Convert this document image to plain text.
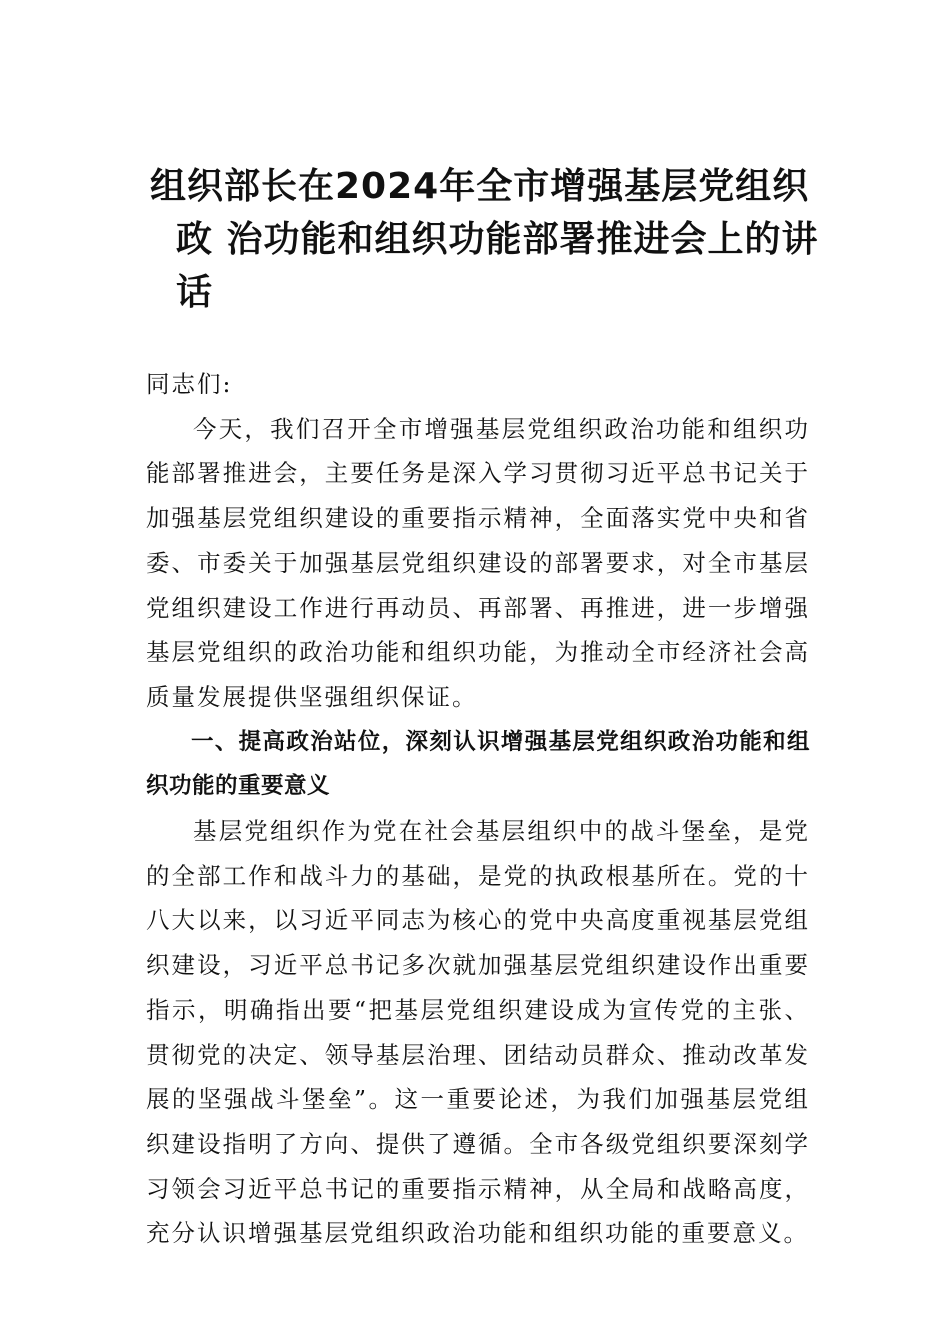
组织部长在2024年全市增强基层党组织
政 治功能和组织功能部署推进会上的讲
话

同志们:

今天，我们召开全市增强基层党组织政治功能和组织功能部署推进会，主要任务是深入学习贯彻习近平总书记关于加强基层党组织建设的重要指示精神，全面落实党中央和省委、市委关于加强基层党组织建设的部署要求，对全市基层党组织建设工作进行再动员、再部署、再推进，进一步增强基层党组织的政治功能和组织功能，为推动全市经济社会高质量发展提供坚强组织保证。

一、提高政治站位，深刻认识增强基层党组织政治功能和组织功能的重要意义

基层党组织作为党在社会基层组织中的战斗堡垒，是党的全部工作和战斗力的基础，是党的执政根基所在。党的十八大以来，以习近平同志为核心的党中央高度重视基层党组织建设，习近平总书记多次就加强基层党组织建设作出重要指示，明确指出要“把基层党组织建设成为宣传党的主张、贯彻党的决定、领导基层治理、团结动员群众、推动改革发展的坚强战斗堡垒”。这一重要论述，为我们加强基层党组织建设指明了方向、提供了遵循。全市各级党组织要深刻学习领会习近平总书记的重要指示精神，从全局和战略高度，充分认识增强基层党组织政治功能和组织功能的重要意义。
